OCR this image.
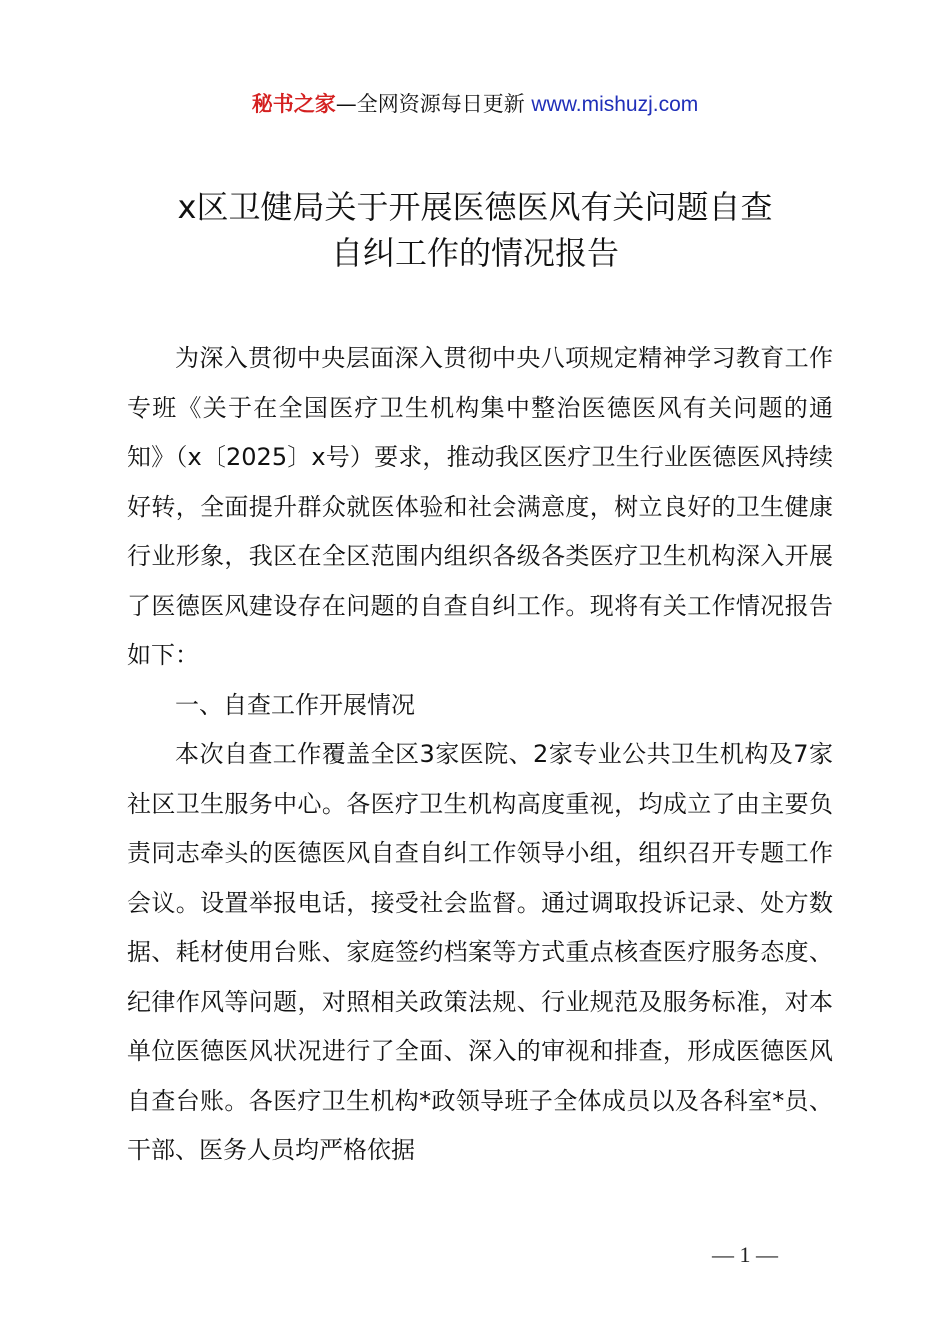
秘书之家—全网资源每日更新 www.mishuzj.com
x区卫健局关于开展医德医风有关问题自查
自纠工作的情况报告

为深入贯彻中央层面深入贯彻中央八项规定精神学习教育工作专班《关于在全国医疗卫生机构集中整治医德医风有关问题的通知》（x〔2025〕x号）要求，推动我区医疗卫生行业医德医风持续好转，全面提升群众就医体验和社会满意度，树立良好的卫生健康行业形象，我区在全区范围内组织各级各类医疗卫生机构深入开展了医德医风建设存在问题的自查自纠工作。现将有关工作情况报告如下：

一、自查工作开展情况

本次自查工作覆盖全区3家医院、2家专业公共卫生机构及7家社区卫生服务中心。各医疗卫生机构高度重视，均成立了由主要负责同志牵头的医德医风自查自纠工作领导小组，组织召开专题工作会议。设置举报电话，接受社会监督。通过调取投诉记录、处方数据、耗材使用台账、家庭签约档案等方式重点核查医疗服务态度、纪律作风等问题，对照相关政策法规、行业规范及服务标准，对本单位医德医风状况进行了全面、深入的审视和排查，形成医德医风自查台账。各医疗卫生机构*政领导班子全体成员以及各科室*员、干部、医务人员均严格依据

— 1 —
